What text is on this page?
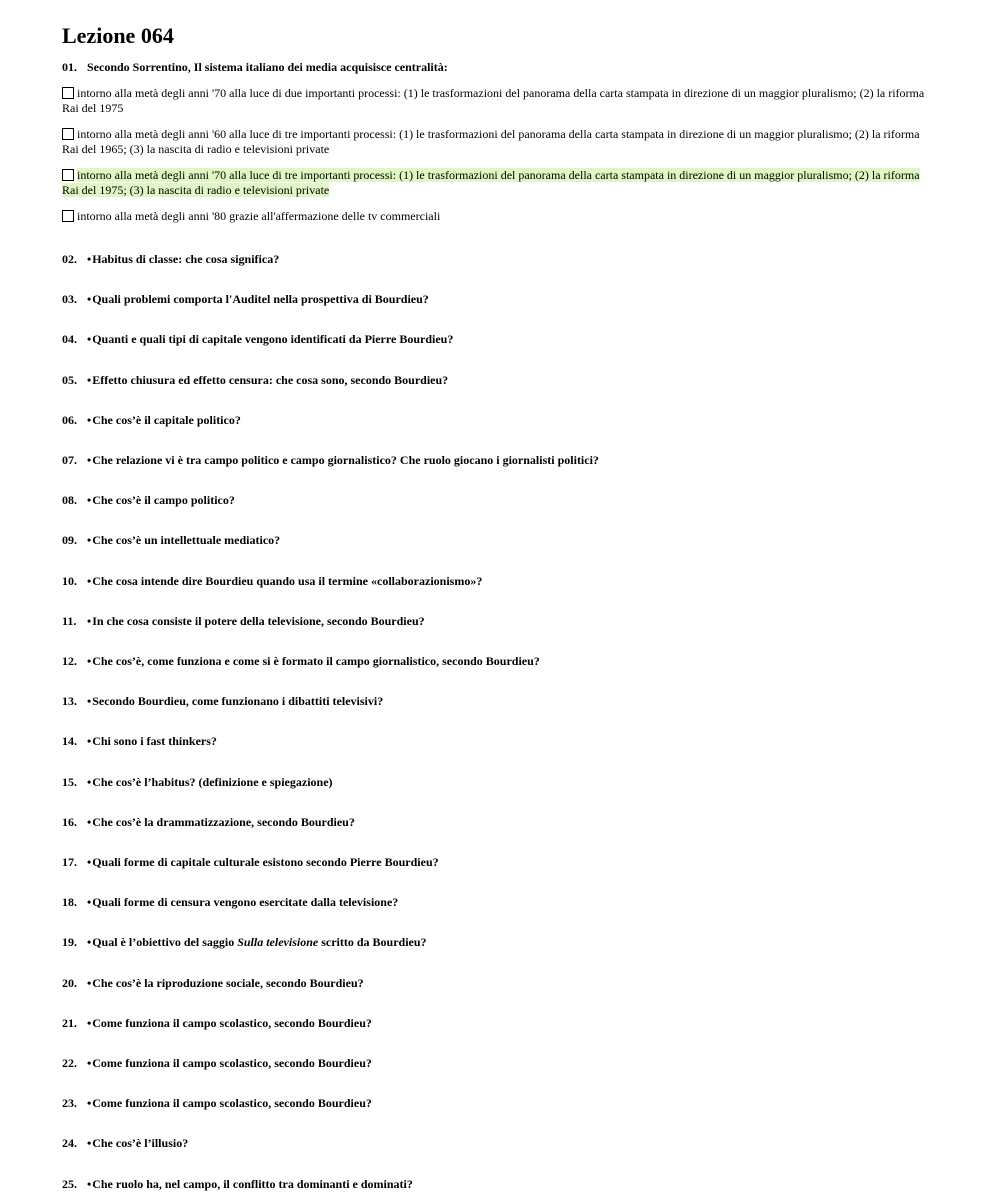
Lezione 064
01. Secondo Sorrentino, Il sistema italiano dei media acquisisce centralità:
intorno alla metà degli anni '70 alla luce di due importanti processi: (1) le trasformazioni del panorama della carta stampata in direzione di un maggior pluralismo; (2) la riforma Rai del 1975
intorno alla metà degli anni '60 alla luce di tre importanti processi: (1) le trasformazioni del panorama della carta stampata in direzione di un maggior pluralismo; (2) la riforma Rai del 1965; (3) la nascita di radio e televisioni private
intorno alla metà degli anni '70 alla luce di tre importanti processi: (1) le trasformazioni del panorama della carta stampata in direzione di un maggior pluralismo; (2) la riforma Rai del 1975; (3) la nascita di radio e televisioni private
intorno alla metà degli anni '80 grazie all'affermazione delle tv commerciali
02. •Habitus di classe: che cosa significa?
03. •Quali problemi comporta l'Auditel nella prospettiva di Bourdieu?
04. •Quanti e quali tipi di capitale vengono identificati da Pierre Bourdieu?
05. •Effetto chiusura ed effetto censura: che cosa sono, secondo Bourdieu?
06. •Che cos’è il capitale politico?
07. •Che relazione vi è tra campo politico e campo giornalistico? Che ruolo giocano i giornalisti politici?
08. •Che cos’è il campo politico?
09. •Che cos’è un intellettuale mediatico?
10. •Che cosa intende dire Bourdieu quando usa il termine «collaborazionismo»?
11. •In che cosa consiste il potere della televisione, secondo Bourdieu?
12. •Che cos’è, come funziona e come si è formato il campo giornalistico, secondo Bourdieu?
13. •Secondo Bourdieu, come funzionano i dibattiti televisivi?
14. •Chi sono i fast thinkers?
15. •Che cos’è l’habitus? (definizione e spiegazione)
16. •Che cos’è la drammatizzazione, secondo Bourdieu?
17. •Quali forme di capitale culturale esistono secondo Pierre Bourdieu?
18. •Quali forme di censura vengono esercitate dalla televisione?
19. •Qual è l’obiettivo del saggio Sulla televisione scritto da Bourdieu?
20. •Che cos’è la riproduzione sociale, secondo Bourdieu?
21. •Come funziona il campo scolastico, secondo Bourdieu?
22. •Come funziona il campo scolastico, secondo Bourdieu?
23. •Come funziona il campo scolastico, secondo Bourdieu?
24. •Che cos’è l’illusio?
25. •Che ruolo ha, nel campo, il conflitto tra dominanti e dominati?
